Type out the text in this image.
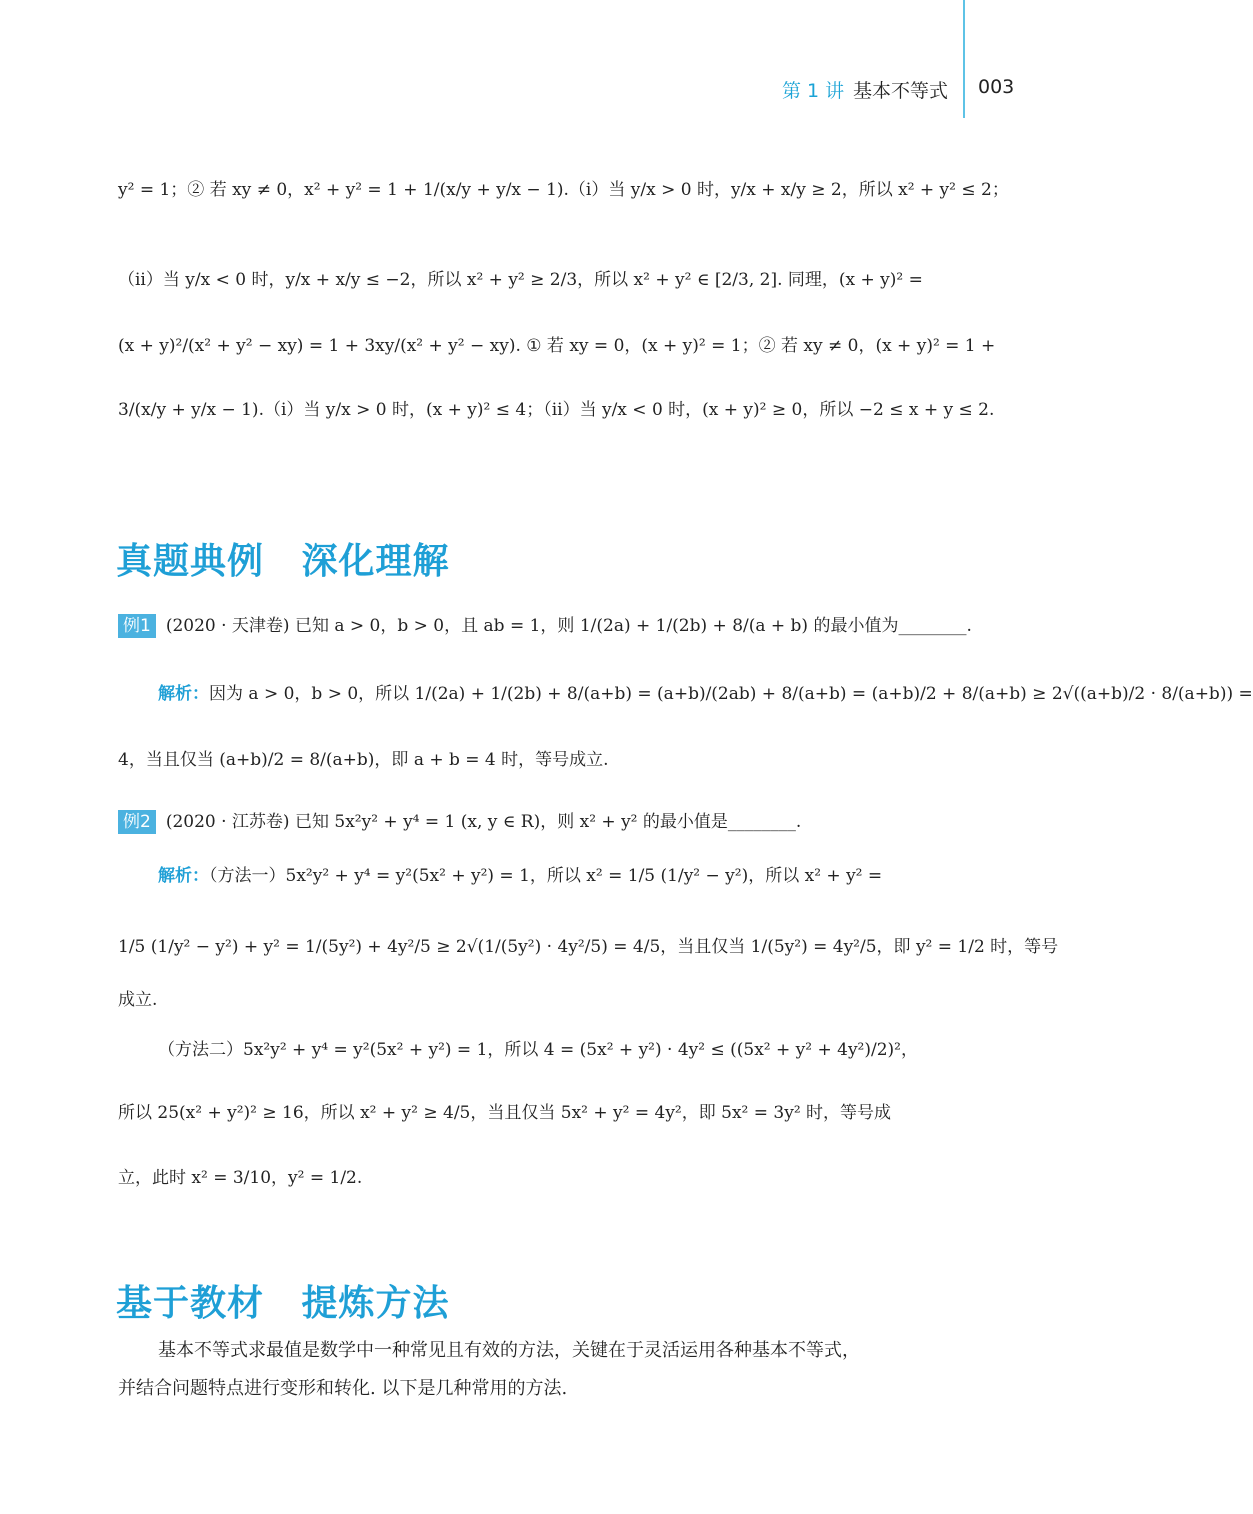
第 1 讲 基本不等式 003
y² = 1；② 若 xy ≠ 0，x² + y² = 1 + 1/(x/y + y/x − 1).（i）当 y/x > 0 时，y/x + x/y ≥ 2，所以 x² + y² ≤ 2；
（ii）当 y/x < 0 时，y/x + x/y ≤ −2，所以 x² + y² ≥ 2/3，所以 x² + y² ∈ [2/3, 2]. 同理，(x + y)² =
(x + y)²/(x² + y² − xy) = 1 + 3xy/(x² + y² − xy). ① 若 xy = 0，(x + y)² = 1；② 若 xy ≠ 0，(x + y)² = 1 +
3/(x/y + y/x − 1).（i）当 y/x > 0 时，(x + y)² ≤ 4；（ii）当 y/x < 0 时，(x + y)² ≥ 0，所以 −2 ≤ x + y ≤ 2.
真题典例 深化理解
例1 (2020 · 天津卷) 已知 a > 0，b > 0，且 ab = 1，则 1/(2a) + 1/(2b) + 8/(a + b) 的最小值为________.
解析：因为 a > 0，b > 0，所以 1/(2a) + 1/(2b) + 8/(a+b) = (a+b)/(2ab) + 8/(a+b) = (a+b)/2 + 8/(a+b) ≥ 2√((a+b)/2 · 8/(a+b)) =
4，当且仅当 (a+b)/2 = 8/(a+b)，即 a + b = 4 时，等号成立.
例2 (2020 · 江苏卷) 已知 5x²y² + y⁴ = 1 (x, y ∈ R)，则 x² + y² 的最小值是________.
解析：（方法一）5x²y² + y⁴ = y²(5x² + y²) = 1，所以 x² = 1/5 (1/y² − y²)，所以 x² + y² =
1/5 (1/y² − y²) + y² = 1/(5y²) + 4y²/5 ≥ 2√(1/(5y²) · 4y²/5) = 4/5，当且仅当 1/(5y²) = 4y²/5，即 y² = 1/2 时，等号
成立.
（方法二）5x²y² + y⁴ = y²(5x² + y²) = 1，所以 4 = (5x² + y²) · 4y² ≤ ((5x² + y² + 4y²)/2)²，
所以 25(x² + y²)² ≥ 16，所以 x² + y² ≥ 4/5，当且仅当 5x² + y² = 4y²，即 5x² = 3y² 时，等号成
立，此时 x² = 3/10，y² = 1/2.
基于教材 提炼方法
基本不等式求最值是数学中一种常见且有效的方法，关键在于灵活运用各种基本不等式，
并结合问题特点进行变形和转化. 以下是几种常用的方法.
